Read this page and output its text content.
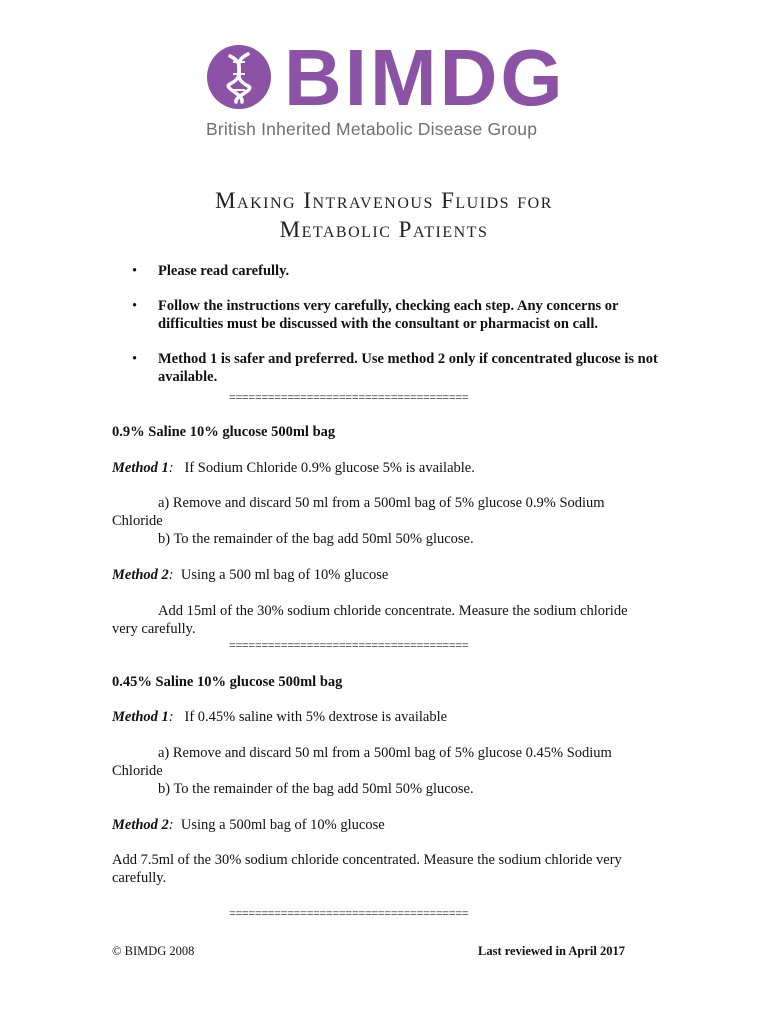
BIMDG
British Inherited Metabolic Disease Group
Making Intravenous Fluids for
Metabolic Patients
• Please read carefully.
• Follow the instructions very carefully, checking each step. Any concerns or difficulties must be discussed with the consultant or pharmacist on call.
• Method 1 is safer and preferred. Use method 2 only if concentrated glucose is not available.
=====================================
0.9% Saline 10% glucose 500ml bag
Method 1: If Sodium Chloride 0.9% glucose 5% is available.
a) Remove and discard 50 ml from a 500ml bag of 5% glucose 0.9% Sodium
Chloride
b) To the remainder of the bag add 50ml 50% glucose.
Method 2: Using a 500 ml bag of 10% glucose
Add 15ml of the 30% sodium chloride concentrate. Measure the sodium chloride
very carefully.
=====================================
0.45% Saline 10% glucose 500ml bag
Method 1: If 0.45% saline with 5% dextrose is available
a) Remove and discard 50 ml from a 500ml bag of 5% glucose 0.45% Sodium
Chloride
b) To the remainder of the bag add 50ml 50% glucose.
Method 2: Using a 500ml bag of 10% glucose
Add 7.5ml of the 30% sodium chloride concentrated. Measure the sodium chloride very carefully.
=====================================
© BIMDG 2008	Last reviewed in April 2017
